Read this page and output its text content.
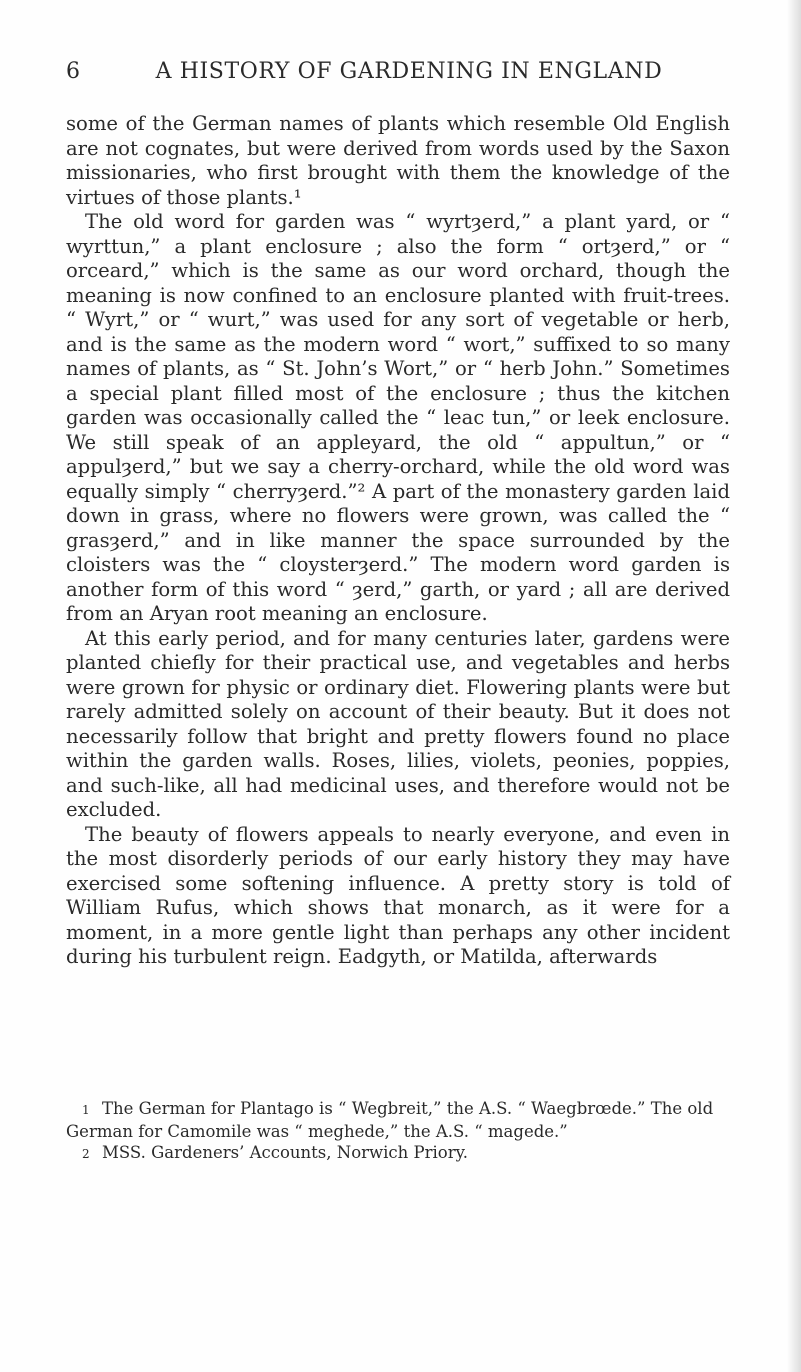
6	A HISTORY OF GARDENING IN ENGLAND

some of the German names of plants which resemble Old English are not cognates, but were derived from words used by the Saxon missionaries, who first brought with them the knowledge of the virtues of those plants.¹

The old word for garden was “ wyrtȝerd,” a plant yard, or “ wyrttun,” a plant enclosure ; also the form “ ortȝerd,” or “ orceard,” which is the same as our word orchard, though the meaning is now confined to an enclosure planted with fruit-trees. “ Wyrt,” or “ wurt,” was used for any sort of vegetable or herb, and is the same as the modern word “ wort,” suffixed to so many names of plants, as “ St. John’s Wort,” or “ herb John.” Sometimes a special plant filled most of the enclosure ; thus the kitchen garden was occasionally called the “ leac tun,” or leek enclosure. We still speak of an appleyard, the old “ appultun,” or “ appulȝerd,” but we say a cherry-orchard, while the old word was equally simply “ cherryȝerd.”² A part of the monastery garden laid down in grass, where no flowers were grown, was called the “ grasȝerd,” and in like manner the space surrounded by the cloisters was the “ cloysterȝerd.” The modern word garden is another form of this word “ ȝerd,” garth, or yard ; all are derived from an Aryan root meaning an enclosure.

At this early period, and for many centuries later, gardens were planted chiefly for their practical use, and vegetables and herbs were grown for physic or ordinary diet. Flowering plants were but rarely admitted solely on account of their beauty. But it does not necessarily follow that bright and pretty flowers found no place within the garden walls. Roses, lilies, violets, peonies, poppies, and such-like, all had medicinal uses, and therefore would not be excluded.

The beauty of flowers appeals to nearly everyone, and even in the most disorderly periods of our early history they may have exercised some softening influence. A pretty story is told of William Rufus, which shows that monarch, as it were for a moment, in a more gentle light than perhaps any other incident during his turbulent reign. Eadgyth, or Matilda, afterwards

1 The German for Plantago is “ Wegbreit,” the A.S. “ Waegbrœde.” The old German for Camomile was “ meghede,” the A.S. “ magede.”

2 MSS. Gardeners’ Accounts, Norwich Priory.
